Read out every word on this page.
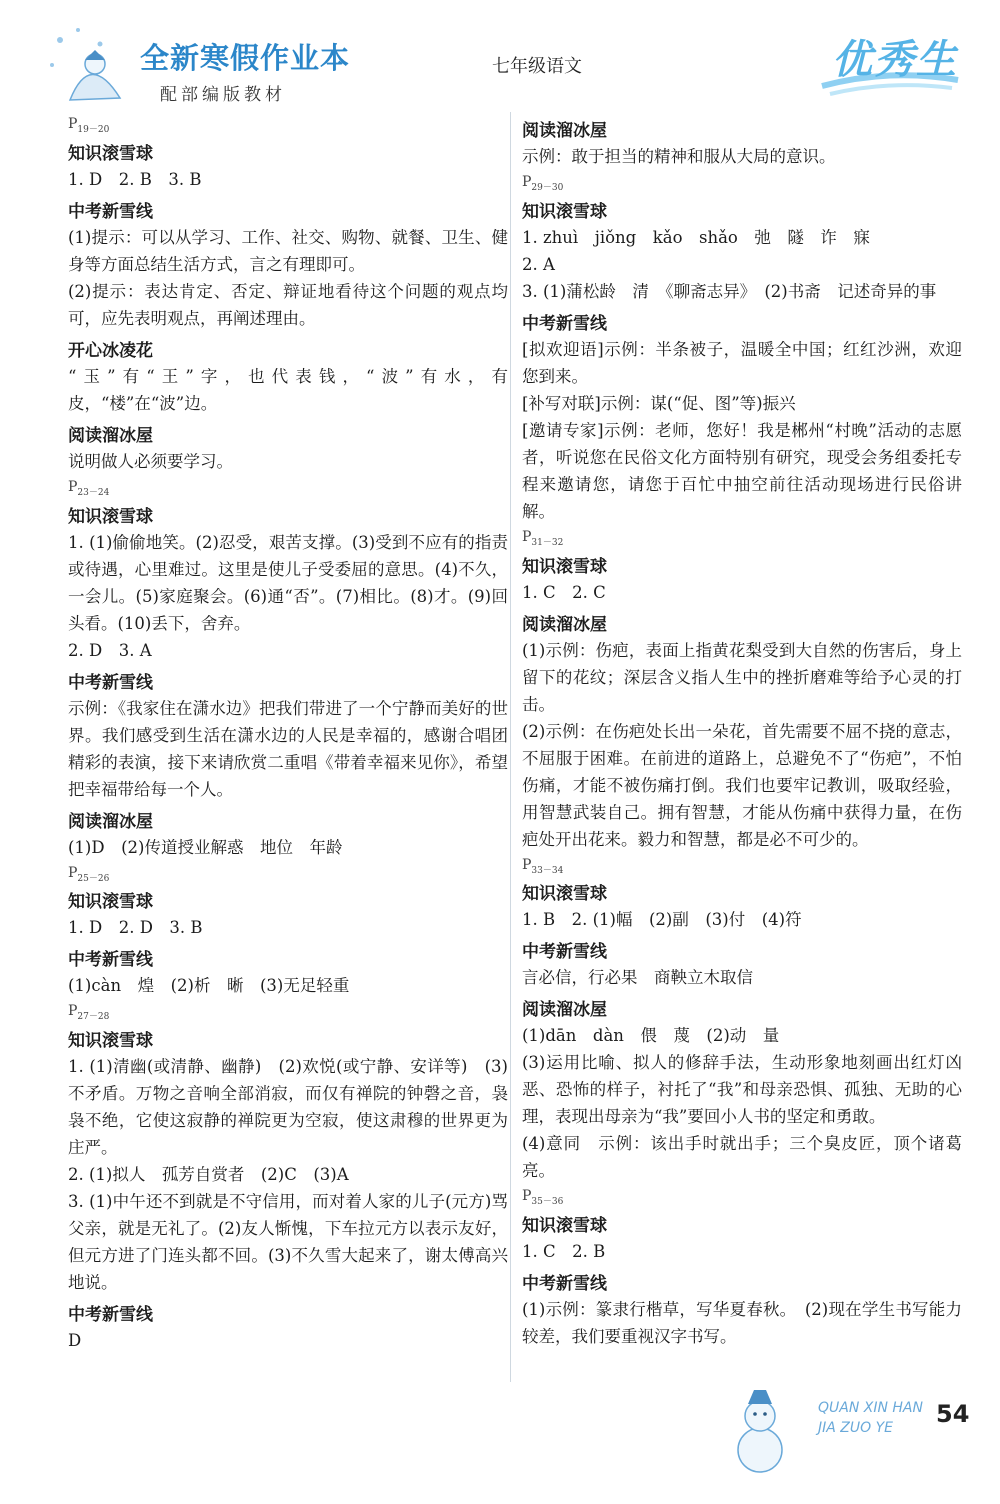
全新寒假作业本
配部编版教材
七年级语文	优秀生
$P_{19-20}$
知识滚雪球

1. D　2. B　3. B

中考新雪线

(1)提示：可以从学习、工作、社交、购物、就餐、卫生、健身等方面总结生活方式，言之有理即可。

(2)提示：表达肯定、否定、辩证地看待这个问题的观点均可，应先表明观点，再阐述理由。

开心冰凌花

“玉”有“王”字，也代表钱，“波”有水，有皮，“楼”在“波”边。

阅读溜冰屋

说明做人必须要学习。

$P_{23-24}$
知识滚雪球

1. (1)偷偷地笑。(2)忍受，艰苦支撑。(3)受到不应有的指责或待遇，心里难过。这里是使儿子受委屈的意思。(4)不久，一会儿。(5)家庭聚会。(6)通“否”。(7)相比。(8)才。(9)回头看。(10)丢下，舍弃。

2. D　3. A

中考新雪线

示例：《我家住在潇水边》把我们带进了一个宁静而美好的世界。我们感受到生活在潇水边的人民是幸福的，感谢合唱团精彩的表演，接下来请欣赏二重唱《带着幸福来见你》，希望把幸福带给每一个人。

阅读溜冰屋

(1)D　(2)传道授业解惑　地位　年龄

$P_{25-26}$
知识滚雪球

1. D　2. D　3. B

中考新雪线

(1)càn　煌　(2)析　晰　(3)无足轻重

$P_{27-28}$
知识滚雪球

1. (1)清幽(或清静、幽静)　(2)欢悦(或宁静、安详等)　(3)不矛盾。万物之音响全部消寂，而仅有禅院的钟磬之音，袅袅不绝，它使这寂静的禅院更为空寂，使这肃穆的世界更为庄严。

2. (1)拟人　孤芳自赏者　(2)C　(3)A

3. (1)中午还不到就是不守信用，而对着人家的儿子(元方)骂父亲，就是无礼了。(2)友人惭愧，下车拉元方以表示友好，但元方进了门连头都不回。(3)不久雪大起来了，谢太傅高兴地说。

中考新雪线

D

阅读溜冰屋

示例：敢于担当的精神和服从大局的意识。

$P_{29-30}$
知识滚雪球

1. zhuì　jiǒng　kǎo　shǎo　弛　隧　诈　寐

2. A

3. (1)蒲松龄　清　《聊斋志异》　(2)书斋　记述奇异的事

中考新雪线

[拟欢迎语]示例：半条被子，温暖全中国；红红沙洲，欢迎您到来。

[补写对联]示例：谋(“促、图”等)振兴

[邀请专家]示例：老师，您好！我是郴州“村晚”活动的志愿者，听说您在民俗文化方面特别有研究，现受会务组委托专程来邀请您，请您于百忙中抽空前往活动现场进行民俗讲解。

$P_{31-32}$
知识滚雪球

1. C　2. C

阅读溜冰屋

(1)示例：伤疤，表面上指黄花梨受到大自然的伤害后，身上留下的花纹；深层含义指人生中的挫折磨难等给予心灵的打击。

(2)示例：在伤疤处长出一朵花，首先需要不屈不挠的意志，不屈服于困难。在前进的道路上，总避免不了“伤疤”，不怕伤痛，才能不被伤痛打倒。我们也要牢记教训，吸取经验，用智慧武装自己。拥有智慧，才能从伤痛中获得力量，在伤疤处开出花来。毅力和智慧，都是必不可少的。

$P_{33-34}$
知识滚雪球

1. B　2. (1)幅　(2)副　(3)付　(4)符

中考新雪线

言必信，行必果　商鞅立木取信

阅读溜冰屋

(1)dān　dàn　偎　蔑　(2)动　量

(3)运用比喻、拟人的修辞手法，生动形象地刻画出红灯凶恶、恐怖的样子，衬托了“我”和母亲恐惧、孤独、无助的心理，表现出母亲为“我”要回小人书的坚定和勇敢。

(4)意同　示例：该出手时就出手；三个臭皮匠，顶个诸葛亮。

$P_{35-36}$
知识滚雪球

1. C　2. B

中考新雪线

(1)示例：篆隶行楷草，写华夏春秋。　(2)现在学生书写能力较差，我们要重视汉字书写。

QUAN XIN HAN JIA ZUO YE	54
